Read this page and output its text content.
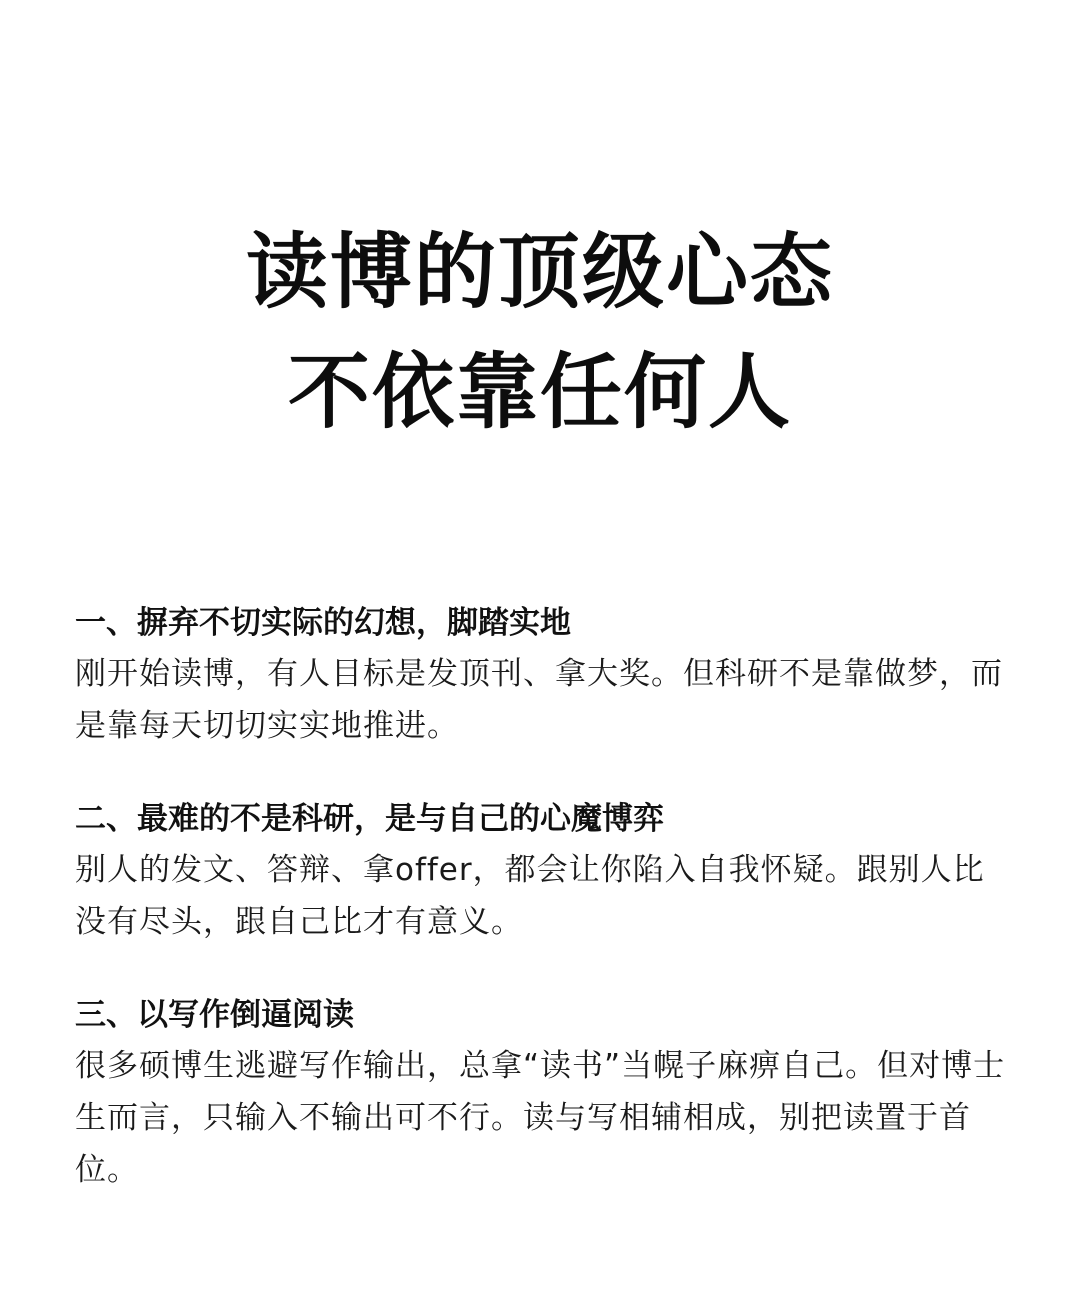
读博的顶级心态
不依靠任何人
一、摒弃不切实际的幻想，脚踏实地
刚开始读博，有人目标是发顶刊、拿大奖。但科研不是靠做梦，而是靠每天切切实实地推进。
二、最难的不是科研，是与自己的心魔博弈
别人的发文、答辩、拿offer，都会让你陷入自我怀疑。跟别人比没有尽头，跟自己比才有意义。
三、以写作倒逼阅读
很多硕博生逃避写作输出，总拿“读书”当幌子麻痹自己。但对博士生而言，只输入不输出可不行。读与写相辅相成，别把读置于首位。
